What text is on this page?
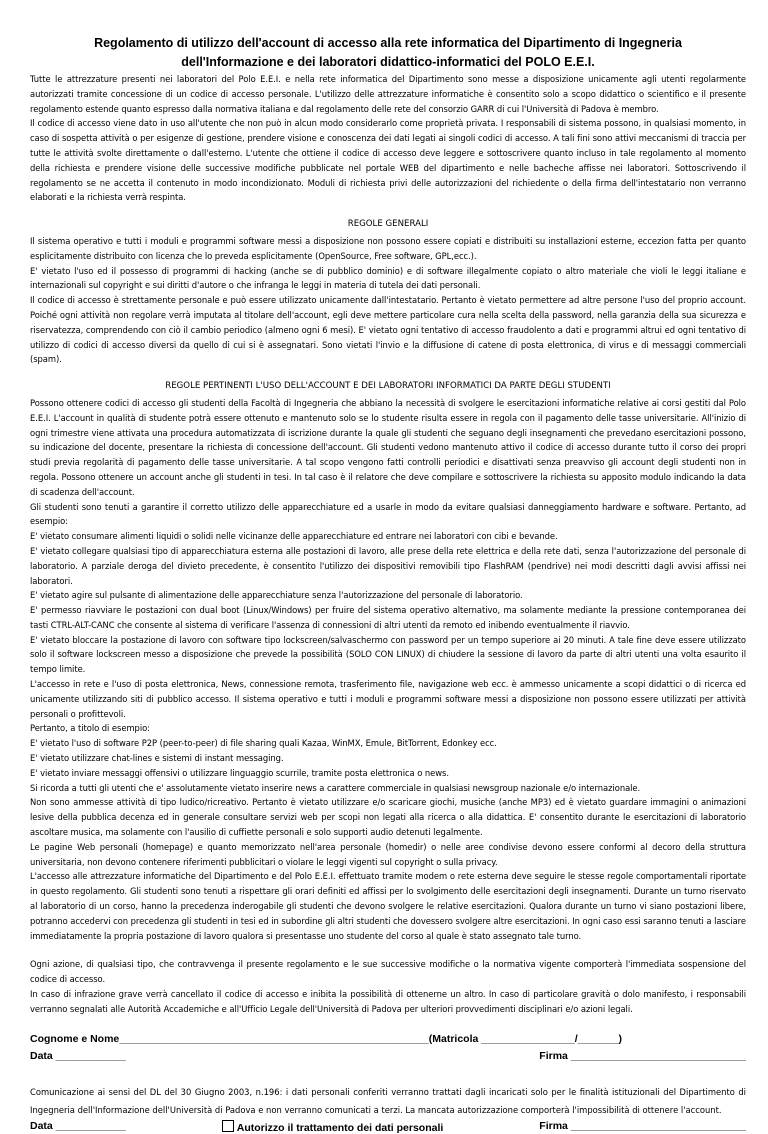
Regolamento di utilizzo dell'account di accesso alla rete informatica del Dipartimento di Ingegneria
dell'Informazione e dei laboratori didattico-informatici del POLO E.E.I.

Tutte le attrezzature presenti nei laboratori del Polo E.E.I. e nella rete informatica del Dipartimento sono messe a disposizione unicamente agli utenti regolarmente autorizzati tramite concessione di un codice di accesso personale. L'utilizzo delle attrezzature informatiche è consentito solo a scopo didattico o scientifico e il presente regolamento estende quanto espresso dalla normativa italiana e dal regolamento delle rete del consorzio GARR di cui l'Università di Padova è membro.

Il codice di accesso viene dato in uso all'utente che non può in alcun modo considerarlo come proprietà privata. I responsabili di sistema possono, in qualsiasi momento, in caso di sospetta attività o per esigenze di gestione, prendere visione e conoscenza dei dati legati ai singoli codici di accesso. A tali fini sono attivi meccanismi di traccia per tutte le attività svolte direttamente o dall'esterno. L'utente che ottiene il codice di accesso deve leggere e sottoscrivere quanto incluso in tale regolamento al momento della richiesta e prendere visione delle successive modifiche pubblicate nel portale WEB del dipartimento e nelle bacheche affisse nei laboratori. Sottoscrivendo il regolamento se ne accetta il contenuto in modo incondizionato. Moduli di richiesta privi delle autorizzazioni del richiedente o della firma dell'intestatario non verranno elaborati e la richiesta verrà respinta.

REGOLE GENERALI

Il sistema operativo e tutti i moduli e programmi software messi a disposizione non possono essere copiati e distribuiti su installazioni esterne, eccezion fatta per quanto esplicitamente distribuito con licenza che lo preveda esplicitamente (OpenSource, Free software, GPL,ecc.).

E' vietato l'uso ed il possesso di programmi di hacking (anche se di pubblico dominio) e di software illegalmente copiato o altro materiale che violi le leggi italiane e internazionali sul copyright e sui diritti d'autore o che infranga le leggi in materia di tutela dei dati personali.

Il codice di accesso è strettamente personale e può essere utilizzato unicamente dall'intestatario. Pertanto è vietato permettere ad altre persone l'uso del proprio account. Poiché ogni attività non regolare verrà imputata al titolare dell'account, egli deve mettere particolare cura nella scelta della password, nella garanzia della sua sicurezza e riservatezza, comprendendo con ciò il cambio periodico (almeno ogni 6 mesi). E' vietato ogni tentativo di accesso fraudolento a dati e programmi altrui ed ogni tentativo di utilizzo di codici di accesso diversi da quello di cui si è assegnatari. Sono vietati l'invio e la diffusione di catene di posta elettronica, di virus e di messaggi commerciali (spam).

REGOLE PERTINENTI L'USO DELL'ACCOUNT E DEI LABORATORI INFORMATICI DA PARTE DEGLI STUDENTI

Possono ottenere codici di accesso gli studenti della Facoltà di Ingegneria che abbiano la necessità di svolgere le esercitazioni informatiche relative ai corsi gestiti dal Polo E.E.I. L'account in qualità di studente potrà essere ottenuto e mantenuto solo se lo studente risulta essere in regola con il pagamento delle tasse universitarie. All'inizio di ogni trimestre viene attivata una procedura automatizzata di iscrizione durante la quale gli studenti che seguano degli insegnamenti che prevedano esercitazioni possono, su indicazione del docente, presentare la richiesta di concessione dell'account. Gli studenti vedono mantenuto attivo il codice di accesso durante tutto il corso dei propri studi previa regolarità di pagamento delle tasse universitarie. A tal scopo vengono fatti controlli periodici e disattivati senza preavviso gli account degli studenti non in regola. Possono ottenere un account anche gli studenti in tesi. In tal caso è il relatore che deve compilare e sottoscrivere la richiesta su apposito modulo indicando la data di scadenza dell'account.

Gli studenti sono tenuti a garantire il corretto utilizzo delle apparecchiature ed a usarle in modo da evitare qualsiasi danneggiamento hardware e software. Pertanto, ad esempio:

E' vietato consumare alimenti liquidi o solidi nelle vicinanze delle apparecchiature ed entrare nei laboratori con cibi e bevande.

E' vietato collegare qualsiasi tipo di apparecchiatura esterna alle postazioni di lavoro, alle prese della rete elettrica e della rete dati, senza l'autorizzazione del personale di laboratorio. A parziale deroga del divieto precedente, è consentito l'utilizzo dei dispositivi removibili tipo FlashRAM (pendrive) nei modi descritti dagli avvisi affissi nei laboratori.

E' vietato agire sul pulsante di alimentazione delle apparecchiature senza l'autorizzazione del personale di laboratorio.

E' permesso riavviare le postazioni con dual boot (Linux/Windows) per fruire del sistema operativo alternativo, ma solamente mediante la pressione contemporanea dei tasti CTRL-ALT-CANC che consente al sistema di verificare l'assenza di connessioni di altri utenti da remoto ed inibendo eventualmente il riavvio.

E' vietato bloccare la postazione di lavoro con software tipo lockscreen/salvaschermo con password per un tempo superiore ai 20 minuti. A tale fine deve essere utilizzato solo il software lockscreen messo a disposizione che prevede la possibilità (SOLO CON LINUX) di chiudere la sessione di lavoro da parte di altri utenti una volta esaurito il tempo limite.

L'accesso in rete e l'uso di posta elettronica, News, connessione remota, trasferimento file, navigazione web ecc. è ammesso unicamente a scopi didattici o di ricerca ed unicamente utilizzando siti di pubblico accesso. Il sistema operativo e tutti i moduli e programmi software messi a disposizione non possono essere utilizzati per attività personali o profittevoli.

Pertanto, a titolo di esempio:

E' vietato l'uso di software P2P (peer-to-peer) di file sharing quali Kazaa, WinMX, Emule, BitTorrent, Edonkey ecc.

E' vietato utilizzare chat-lines e sistemi di instant messaging.

E' vietato inviare messaggi offensivi o utilizzare linguaggio scurrile, tramite posta elettronica o news.

Si ricorda a tutti gli utenti che e' assolutamente vietato inserire news a carattere commerciale in qualsiasi newsgroup nazionale e/o internazionale.

Non sono ammesse attività di tipo ludico/ricreativo. Pertanto è vietato utilizzare e/o scaricare giochi, musiche (anche MP3) ed è vietato guardare immagini o animazioni lesive della pubblica decenza ed in generale consultare servizi web per scopi non legati alla ricerca o alla didattica. E' consentito durante le esercitazioni di laboratorio ascoltare musica, ma solamente con l'ausilio di cuffiette personali e solo supporti audio detenuti legalmente.

Le pagine Web personali (homepage) e quanto memorizzato nell'area personale (homedir) o nelle aree condivise devono essere conformi al decoro della struttura universitaria, non devono contenere riferimenti pubblicitari o violare le leggi vigenti sul copyright o sulla privacy.

L'accesso alle attrezzature informatiche del Dipartimento e del Polo E.E.I. effettuato tramite modem o rete esterna deve seguire le stesse regole comportamentali riportate in questo regolamento. Gli studenti sono tenuti a rispettare gli orari definiti ed affissi per lo svolgimento delle esercitazioni degli insegnamenti. Durante un turno riservato al laboratorio di un corso, hanno la precedenza inderogabile gli studenti che devono svolgere le relative esercitazioni. Qualora durante un turno vi siano postazioni libere, potranno accedervi con precedenza gli studenti in tesi ed in subordine gli altri studenti che dovessero svolgere altre esercitazioni. In ogni caso essi saranno tenuti a lasciare immediatamente la propria postazione di lavoro qualora si presentasse uno studente del corso al quale è stato assegnato tale turno.

Ogni azione, di qualsiasi tipo, che contravvenga il presente regolamento e le sue successive modifiche o la normativa vigente comporterà l'immediata sospensione del codice di accesso.

In caso di infrazione grave verrà cancellato il codice di accesso e inibita la possibilità di ottenerne un altro. In caso di particolare gravità o dolo manifesto, i responsabili verranno segnalati alle Autorità Accademiche e all'Ufficio Legale dell'Università di Padova per ulteriori provvedimenti disciplinari e/o azioni legali.

Cognome e Nome_____________________________________________________(Matricola ________________/_______)
Data ____________	Firma ______________________________
Comunicazione ai sensi del DL del 30 Giugno 2003, n.196: i dati personali conferiti verranno trattati dagli incaricati solo per le finalità istituzionali del Dipartimento di Ingegneria dell'Informazione dell'Università di Padova e non verranno comunicati a terzi. La mancata autorizzazione comporterà l'impossibilità di ottenere l'account.
Data ____________	Autorizzo il trattamento dei dati personali	Firma ______________________________
